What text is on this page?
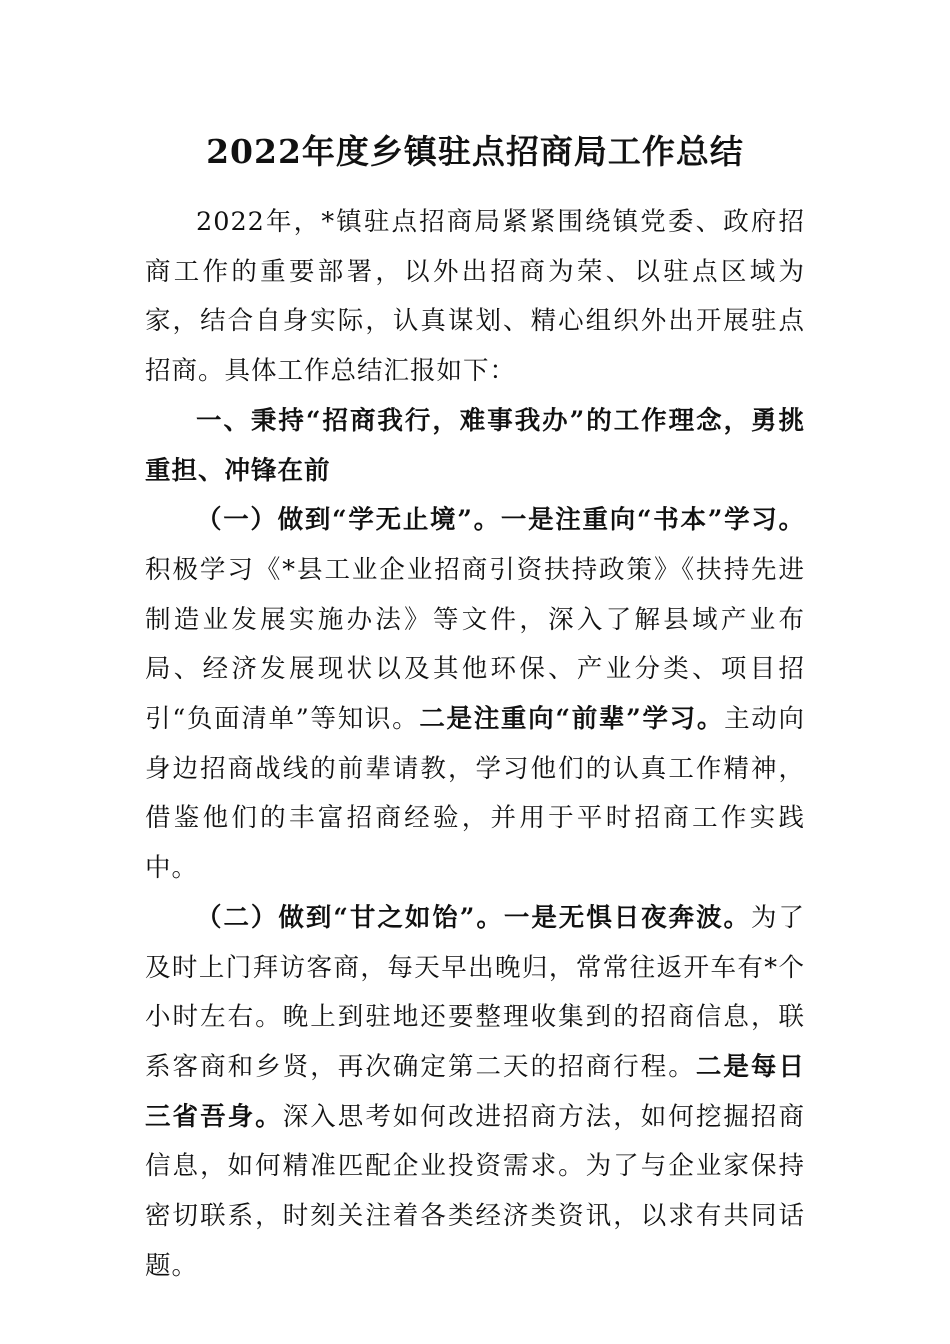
2022年度乡镇驻点招商局工作总结

2022年，*镇驻点招商局紧紧围绕镇党委、政府招商工作的重要部署，以外出招商为荣、以驻点区域为家，结合自身实际，认真谋划、精心组织外出开展驻点招商。具体工作总结汇报如下：

一、秉持“招商我行，难事我办”的工作理念，勇挑重担、冲锋在前

（一）做到“学无止境”。一是注重向“书本”学习。积极学习《*县工业企业招商引资扶持政策》《扶持先进制造业发展实施办法》等文件，深入了解县域产业布局、经济发展现状以及其他环保、产业分类、项目招引“负面清单”等知识。二是注重向“前辈”学习。主动向身边招商战线的前辈请教，学习他们的认真工作精神，借鉴他们的丰富招商经验，并用于平时招商工作实践中。

（二）做到“甘之如饴”。一是无惧日夜奔波。为了及时上门拜访客商，每天早出晚归，常常往返开车有*个小时左右。晚上到驻地还要整理收集到的招商信息，联系客商和乡贤，再次确定第二天的招商行程。二是每日三省吾身。深入思考如何改进招商方法，如何挖掘招商信息，如何精准匹配企业投资需求。为了与企业家保持密切联系，时刻关注着各类经济类资讯，以求有共同话题。
